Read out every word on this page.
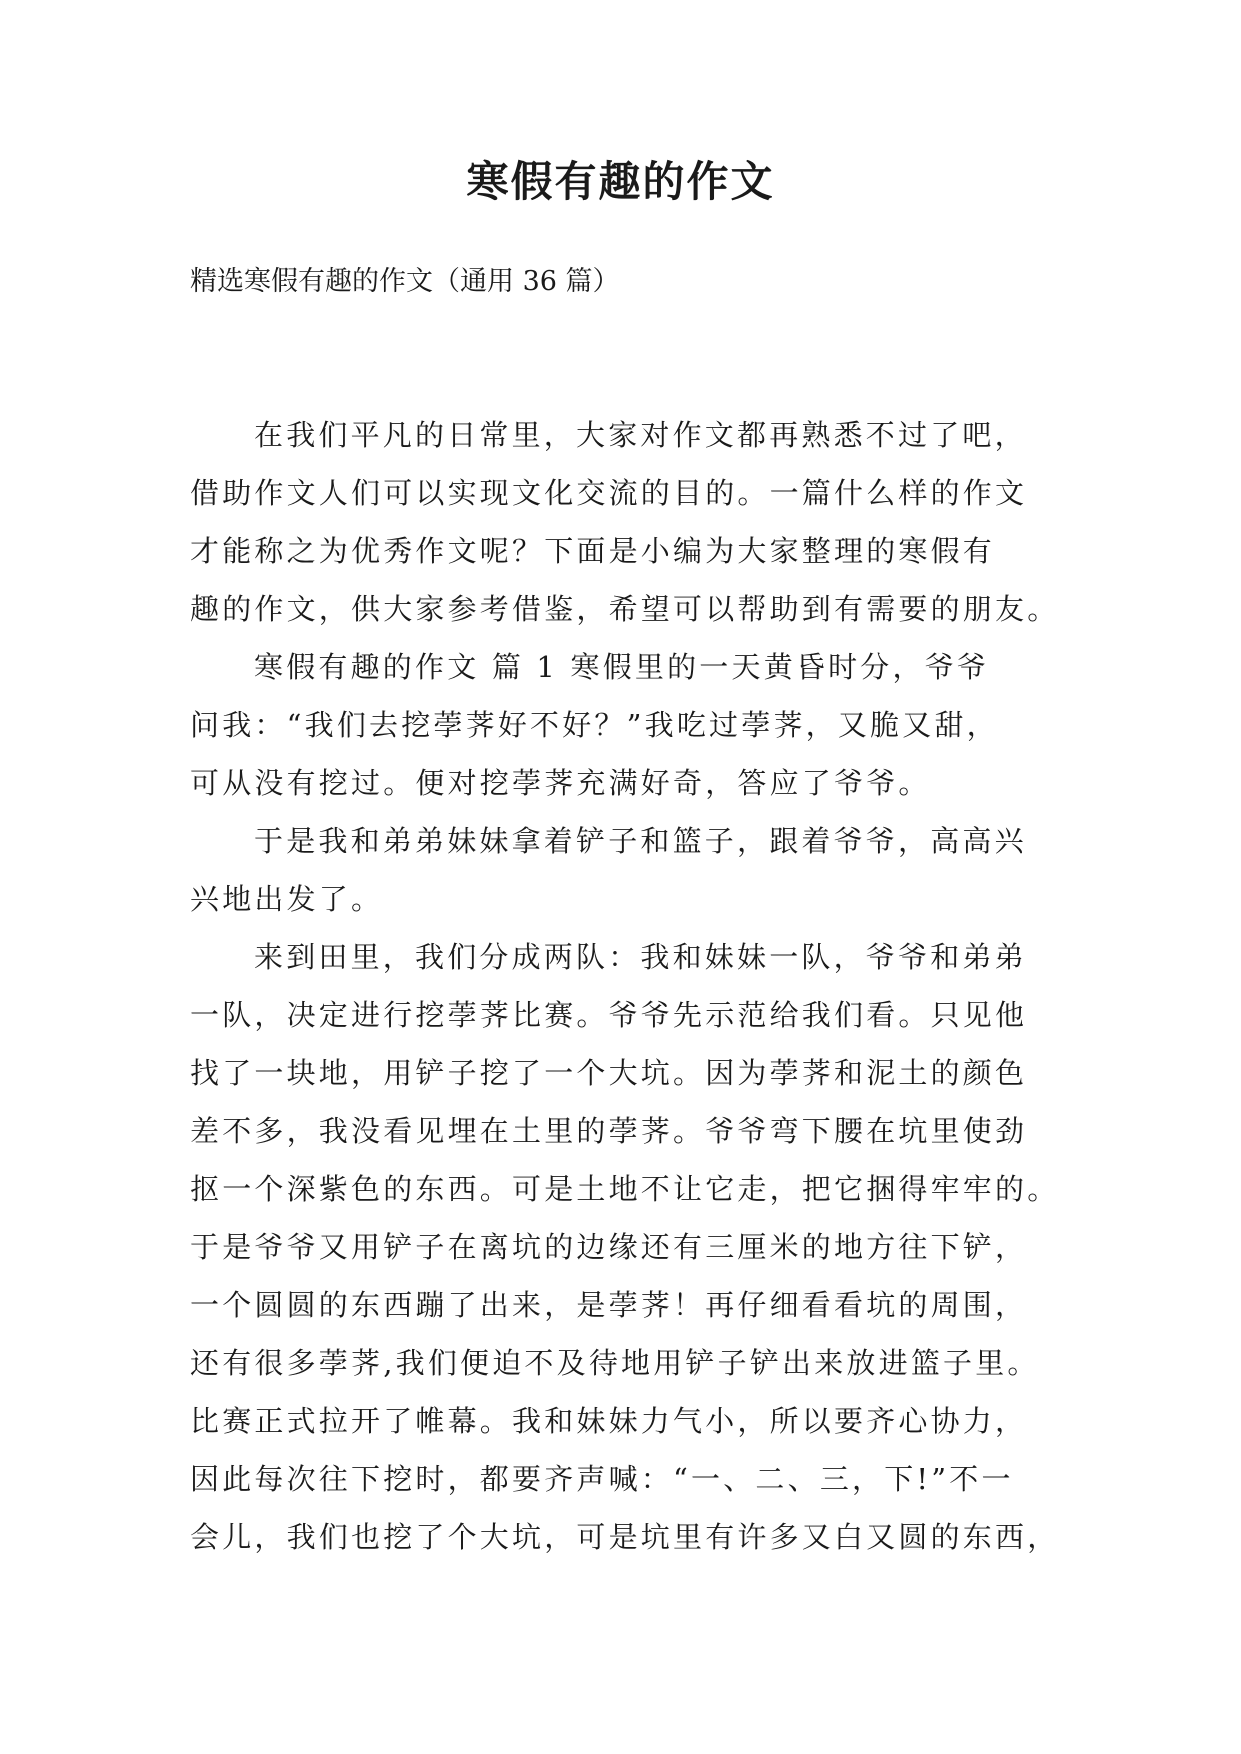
寒假有趣的作文
精选寒假有趣的作文（通用 36 篇）
在我们平凡的日常里，大家对作文都再熟悉不过了吧，
借助作文人们可以实现文化交流的目的。一篇什么样的作文
才能称之为优秀作文呢？下面是小编为大家整理的寒假有
趣的作文，供大家参考借鉴，希望可以帮助到有需要的朋友。
寒假有趣的作文 篇 1 寒假里的一天黄昏时分，爷爷
问我：“我们去挖荸荠好不好？”我吃过荸荠，又脆又甜，
可从没有挖过。便对挖荸荠充满好奇，答应了爷爷。
于是我和弟弟妹妹拿着铲子和篮子，跟着爷爷，高高兴
兴地出发了。
来到田里，我们分成两队：我和妹妹一队，爷爷和弟弟
一队，决定进行挖荸荠比赛。爷爷先示范给我们看。只见他
找了一块地，用铲子挖了一个大坑。因为荸荠和泥土的颜色
差不多，我没看见埋在土里的荸荠。爷爷弯下腰在坑里使劲
抠一个深紫色的东西。可是土地不让它走，把它捆得牢牢的。
于是爷爷又用铲子在离坑的边缘还有三厘米的地方往下铲，
一个圆圆的东西蹦了出来，是荸荠！再仔细看看坑的周围，
还有很多荸荠,我们便迫不及待地用铲子铲出来放进篮子里。
比赛正式拉开了帷幕。我和妹妹力气小，所以要齐心协力，
因此每次往下挖时，都要齐声喊：“一、二、三，下!”不一
会儿，我们也挖了个大坑，可是坑里有许多又白又圆的东西，
